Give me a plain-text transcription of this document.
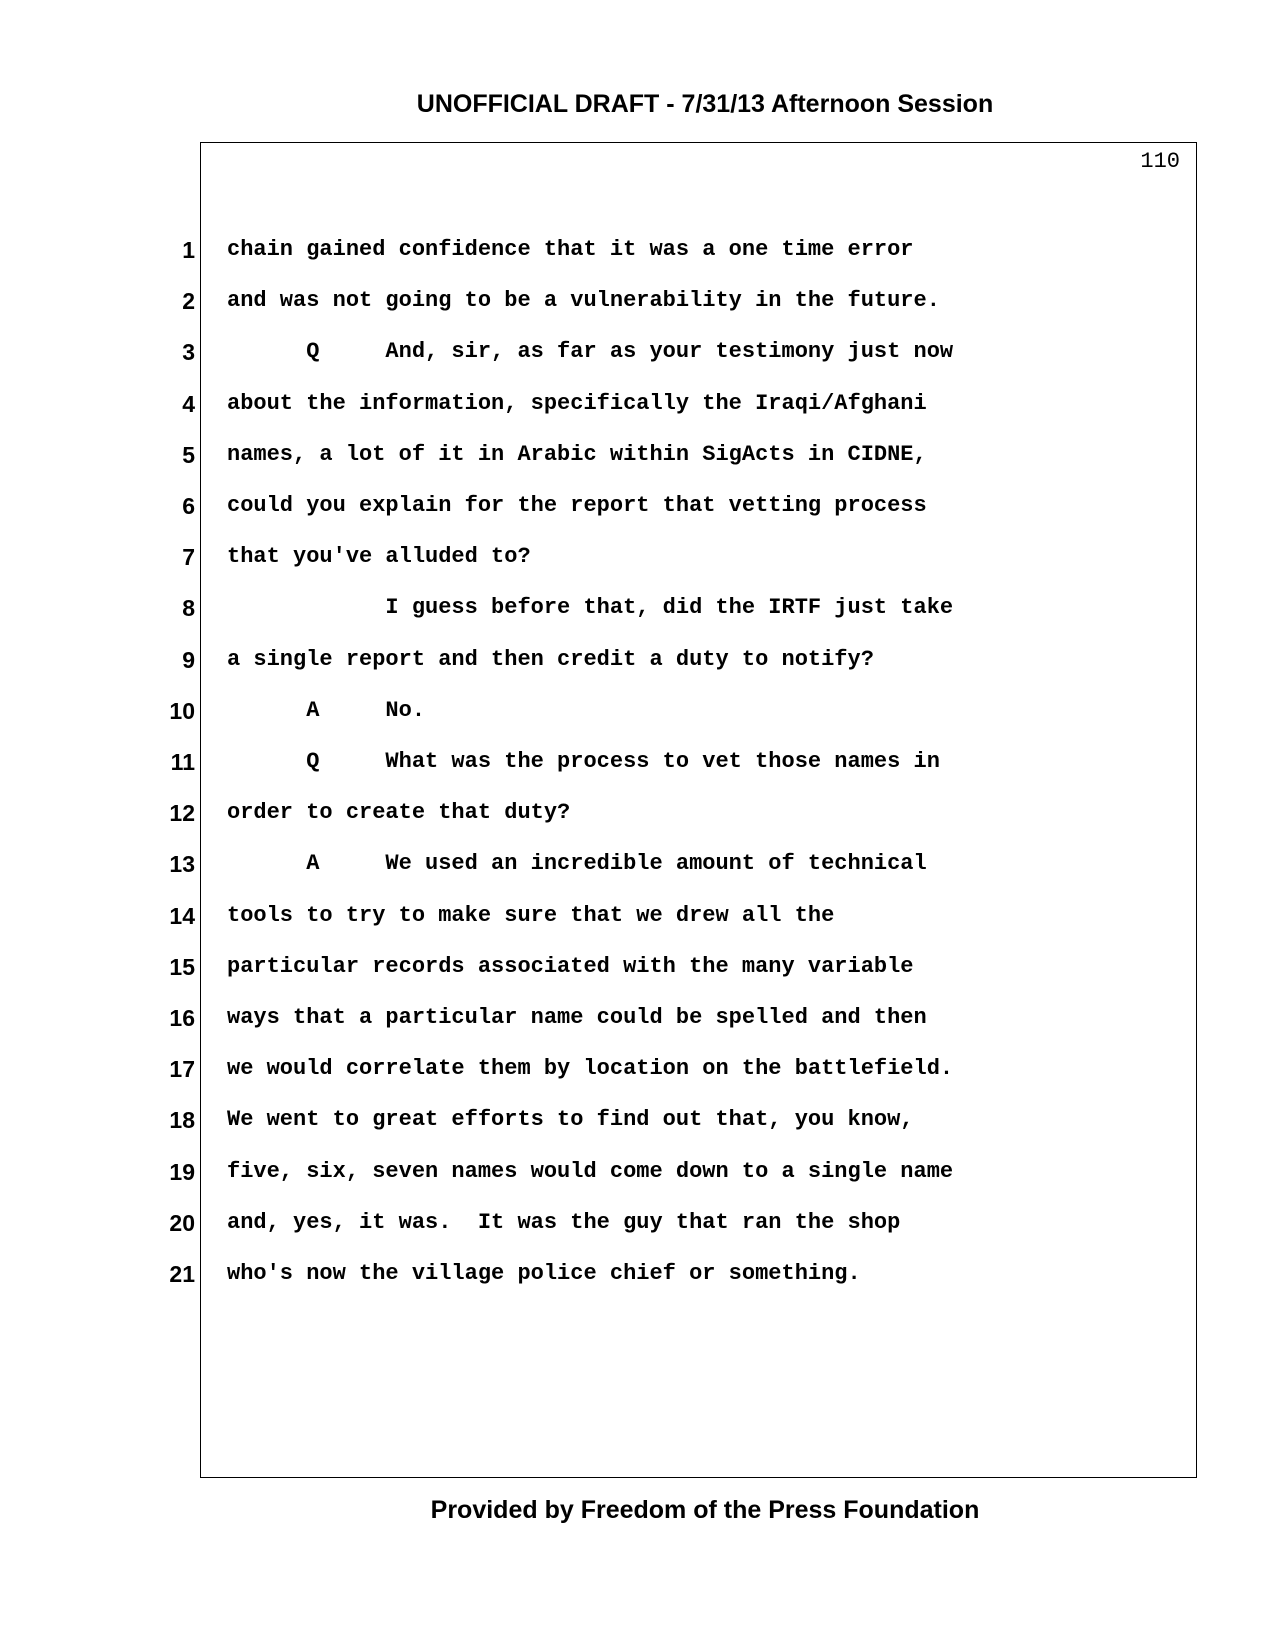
UNOFFICIAL DRAFT - 7/31/13 Afternoon Session
110
1 chain gained confidence that it was a one time error
2 and was not going to be a vulnerability in the future.
3 Q     And, sir, as far as your testimony just now
4 about the information, specifically the Iraqi/Afghani
5 names, a lot of it in Arabic within SigActs in CIDNE,
6 could you explain for the report that vetting process
7 that you've alluded to?
8 I guess before that, did the IRTF just take
9 a single report and then credit a duty to notify?
10 A     No.
11 Q     What was the process to vet those names in
12 order to create that duty?
13 A     We used an incredible amount of technical
14 tools to try to make sure that we drew all the
15 particular records associated with the many variable
16 ways that a particular name could be spelled and then
17 we would correlate them by location on the battlefield.
18 We went to great efforts to find out that, you know,
19 five, six, seven names would come down to a single name
20 and, yes, it was.  It was the guy that ran the shop
21 who's now the village police chief or something.
Provided by Freedom of the Press Foundation
